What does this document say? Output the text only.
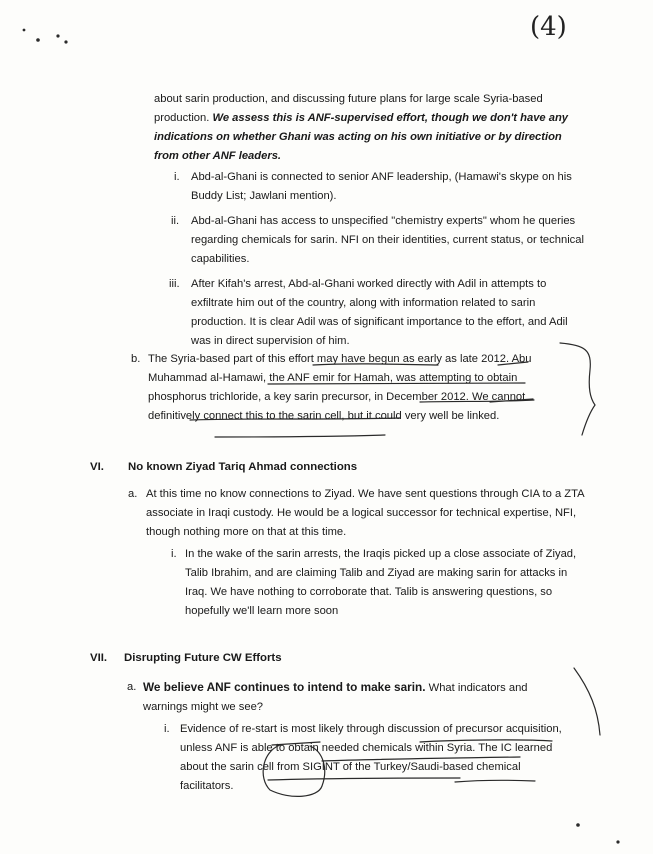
(4)
about sarin production, and discussing future plans for large scale Syria-based production. We assess this is ANF-supervised effort, though we don't have any indications on whether Ghani was acting on his own initiative or by direction from other ANF leaders.
i. Abd-al-Ghani is connected to senior ANF leadership, (Hamawi's skype on his Buddy List; Jawlani mention).
ii. Abd-al-Ghani has access to unspecified "chemistry experts" whom he queries regarding chemicals for sarin. NFI on their identities, current status, or technical capabilities.
iii. After Kifah's arrest, Abd-al-Ghani worked directly with Adil in attempts to exfiltrate him out of the country, along with information related to sarin production. It is clear Adil was of significant importance to the effort, and Adil was in direct supervision of him.
b. The Syria-based part of this effort may have begun as early as late 2012. Abu Muhammad al-Hamawi, the ANF emir for Hamah, was attempting to obtain phosphorus trichloride, a key sarin precursor, in December 2012. We cannot definitively connect this to the sarin cell, but it could very well be linked.
VI. No known Ziyad Tariq Ahmad connections
a. At this time no know connections to Ziyad. We have sent questions through CIA to a ZTA associate in Iraqi custody. He would be a logical successor for technical expertise, NFI, though nothing more on that at this time.
i. In the wake of the sarin arrests, the Iraqis picked up a close associate of Ziyad, Talib Ibrahim, and are claiming Talib and Ziyad are making sarin for attacks in Iraq. We have nothing to corroborate that. Talib is answering questions, so hopefully we'll learn more soon
VII. Disrupting Future CW Efforts
a. We believe ANF continues to intend to make sarin. What indicators and warnings might we see?
i. Evidence of re-start is most likely through discussion of precursor acquisition, unless ANF is able to obtain needed chemicals within Syria. The IC learned about the sarin cell from SIGINT of the Turkey/Saudi-based chemical facilitators.
